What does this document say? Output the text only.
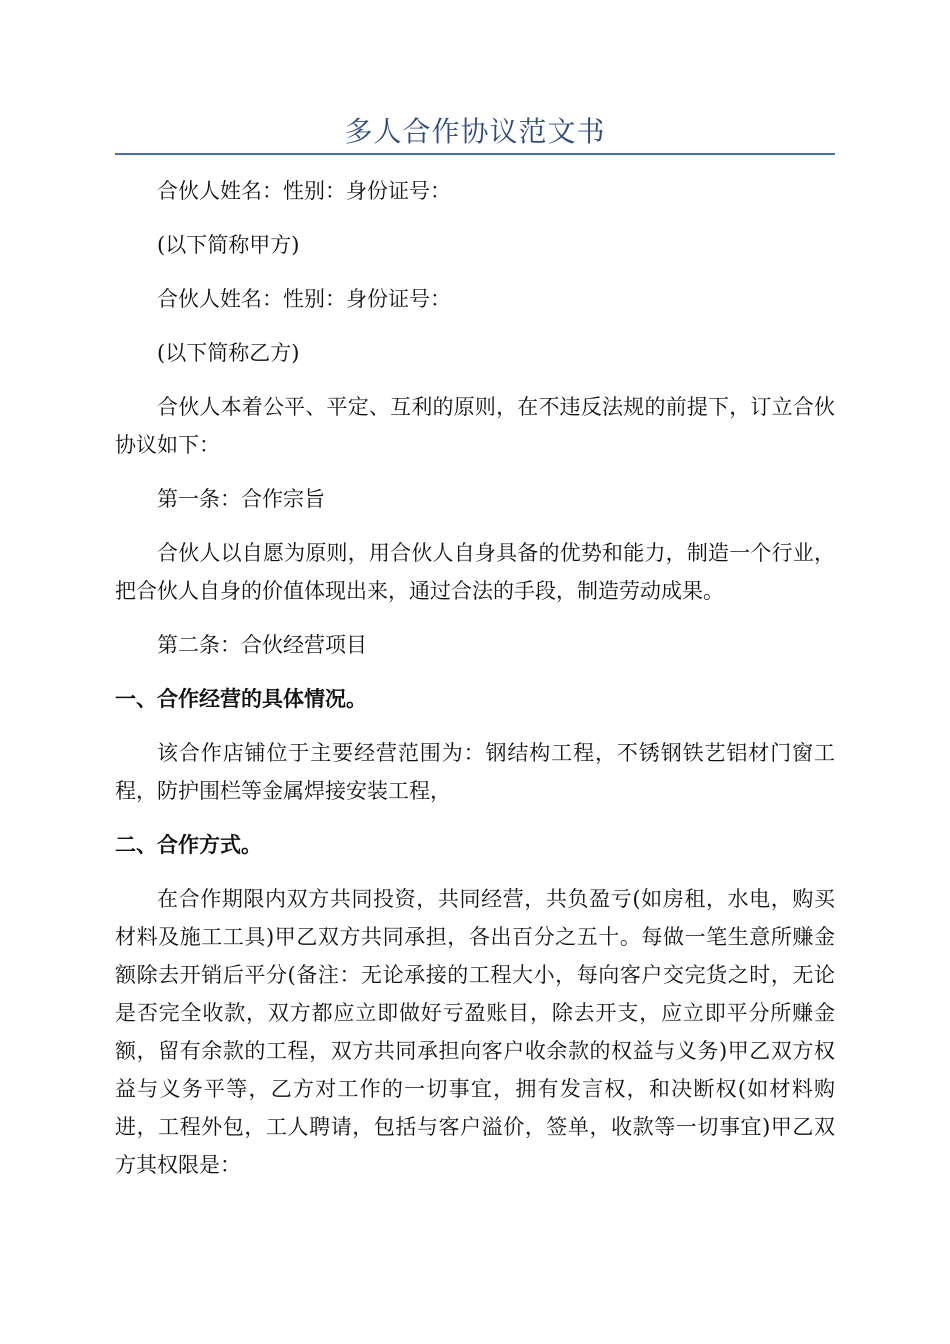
多人合作协议范文书

合伙人姓名：性别：身份证号：

(以下简称甲方)

合伙人姓名：性别：身份证号：

(以下简称乙方)

合伙人本着公平、平定、互利的原则，在不违反法规的前提下，订立合伙协议如下：

第一条：合作宗旨

合伙人以自愿为原则，用合伙人自身具备的优势和能力，制造一个行业，把合伙人自身的价值体现出来，通过合法的手段，制造劳动成果。

第二条：合伙经营项目

一、合作经营的具体情况。

该合作店铺位于主要经营范围为：钢结构工程，不锈钢铁艺铝材门窗工程，防护围栏等金属焊接安装工程，

二、合作方式。

在合作期限内双方共同投资，共同经营，共负盈亏(如房租，水电，购买材料及施工工具)甲乙双方共同承担，各出百分之五十。每做一笔生意所赚金额除去开销后平分(备注：无论承接的工程大小，每向客户交完货之时，无论是否完全收款，双方都应立即做好亏盈账目，除去开支，应立即平分所赚金额，留有余款的工程，双方共同承担向客户收余款的权益与义务)甲乙双方权益与义务平等，乙方对工作的一切事宜，拥有发言权，和决断权(如材料购进，工程外包，工人聘请，包括与客户溢价，签单，收款等一切事宜)甲乙双方其权限是：
